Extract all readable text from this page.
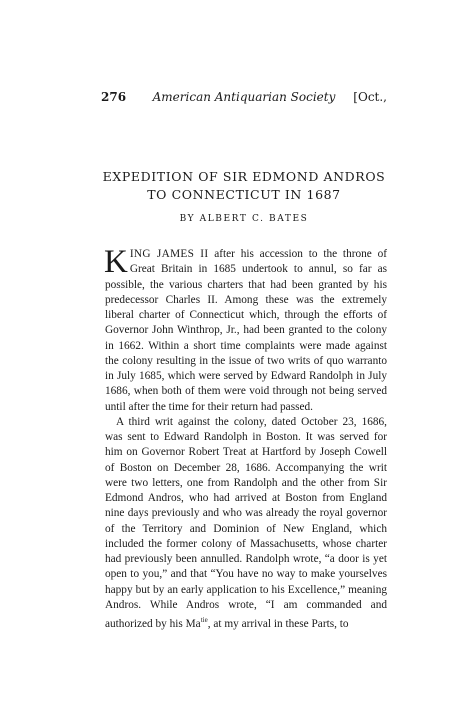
276	American Antiquarian Society	[Oct.,
EXPEDITION OF SIR EDMOND ANDROS
TO CONNECTICUT IN 1687
BY ALBERT C. BATES

KING JAMES II after his accession to the throne of Great Britain in 1685 undertook to annul, so far as possible, the various charters that had been granted by his predecessor Charles II. Among these was the extremely liberal charter of Connecticut which, through the efforts of Governor John Winthrop, Jr., had been granted to the colony in 1662. Within a short time complaints were made against the colony resulting in the issue of two writs of quo warranto in July 1685, which were served by Edward Randolph in July 1686, when both of them were void through not being served until after the time for their return had passed.

A third writ against the colony, dated October 23, 1686, was sent to Edward Randolph in Boston. It was served for him on Governor Robert Treat at Hartford by Joseph Cowell of Boston on December 28, 1686. Accompanying the writ were two letters, one from Randolph and the other from Sir Edmond Andros, who had arrived at Boston from England nine days previously and who was already the royal governor of the Territory and Dominion of New England, which included the former colony of Massachusetts, whose charter had previously been annulled. Randolph wrote, “a door is yet open to you,” and that “You have no way to make yourselves happy but by an early application to his Excellence,” meaning Andros. While Andros wrote, “I am commanded and authorized by his $Ma^{tie}$, at my arrival in these Parts, to
